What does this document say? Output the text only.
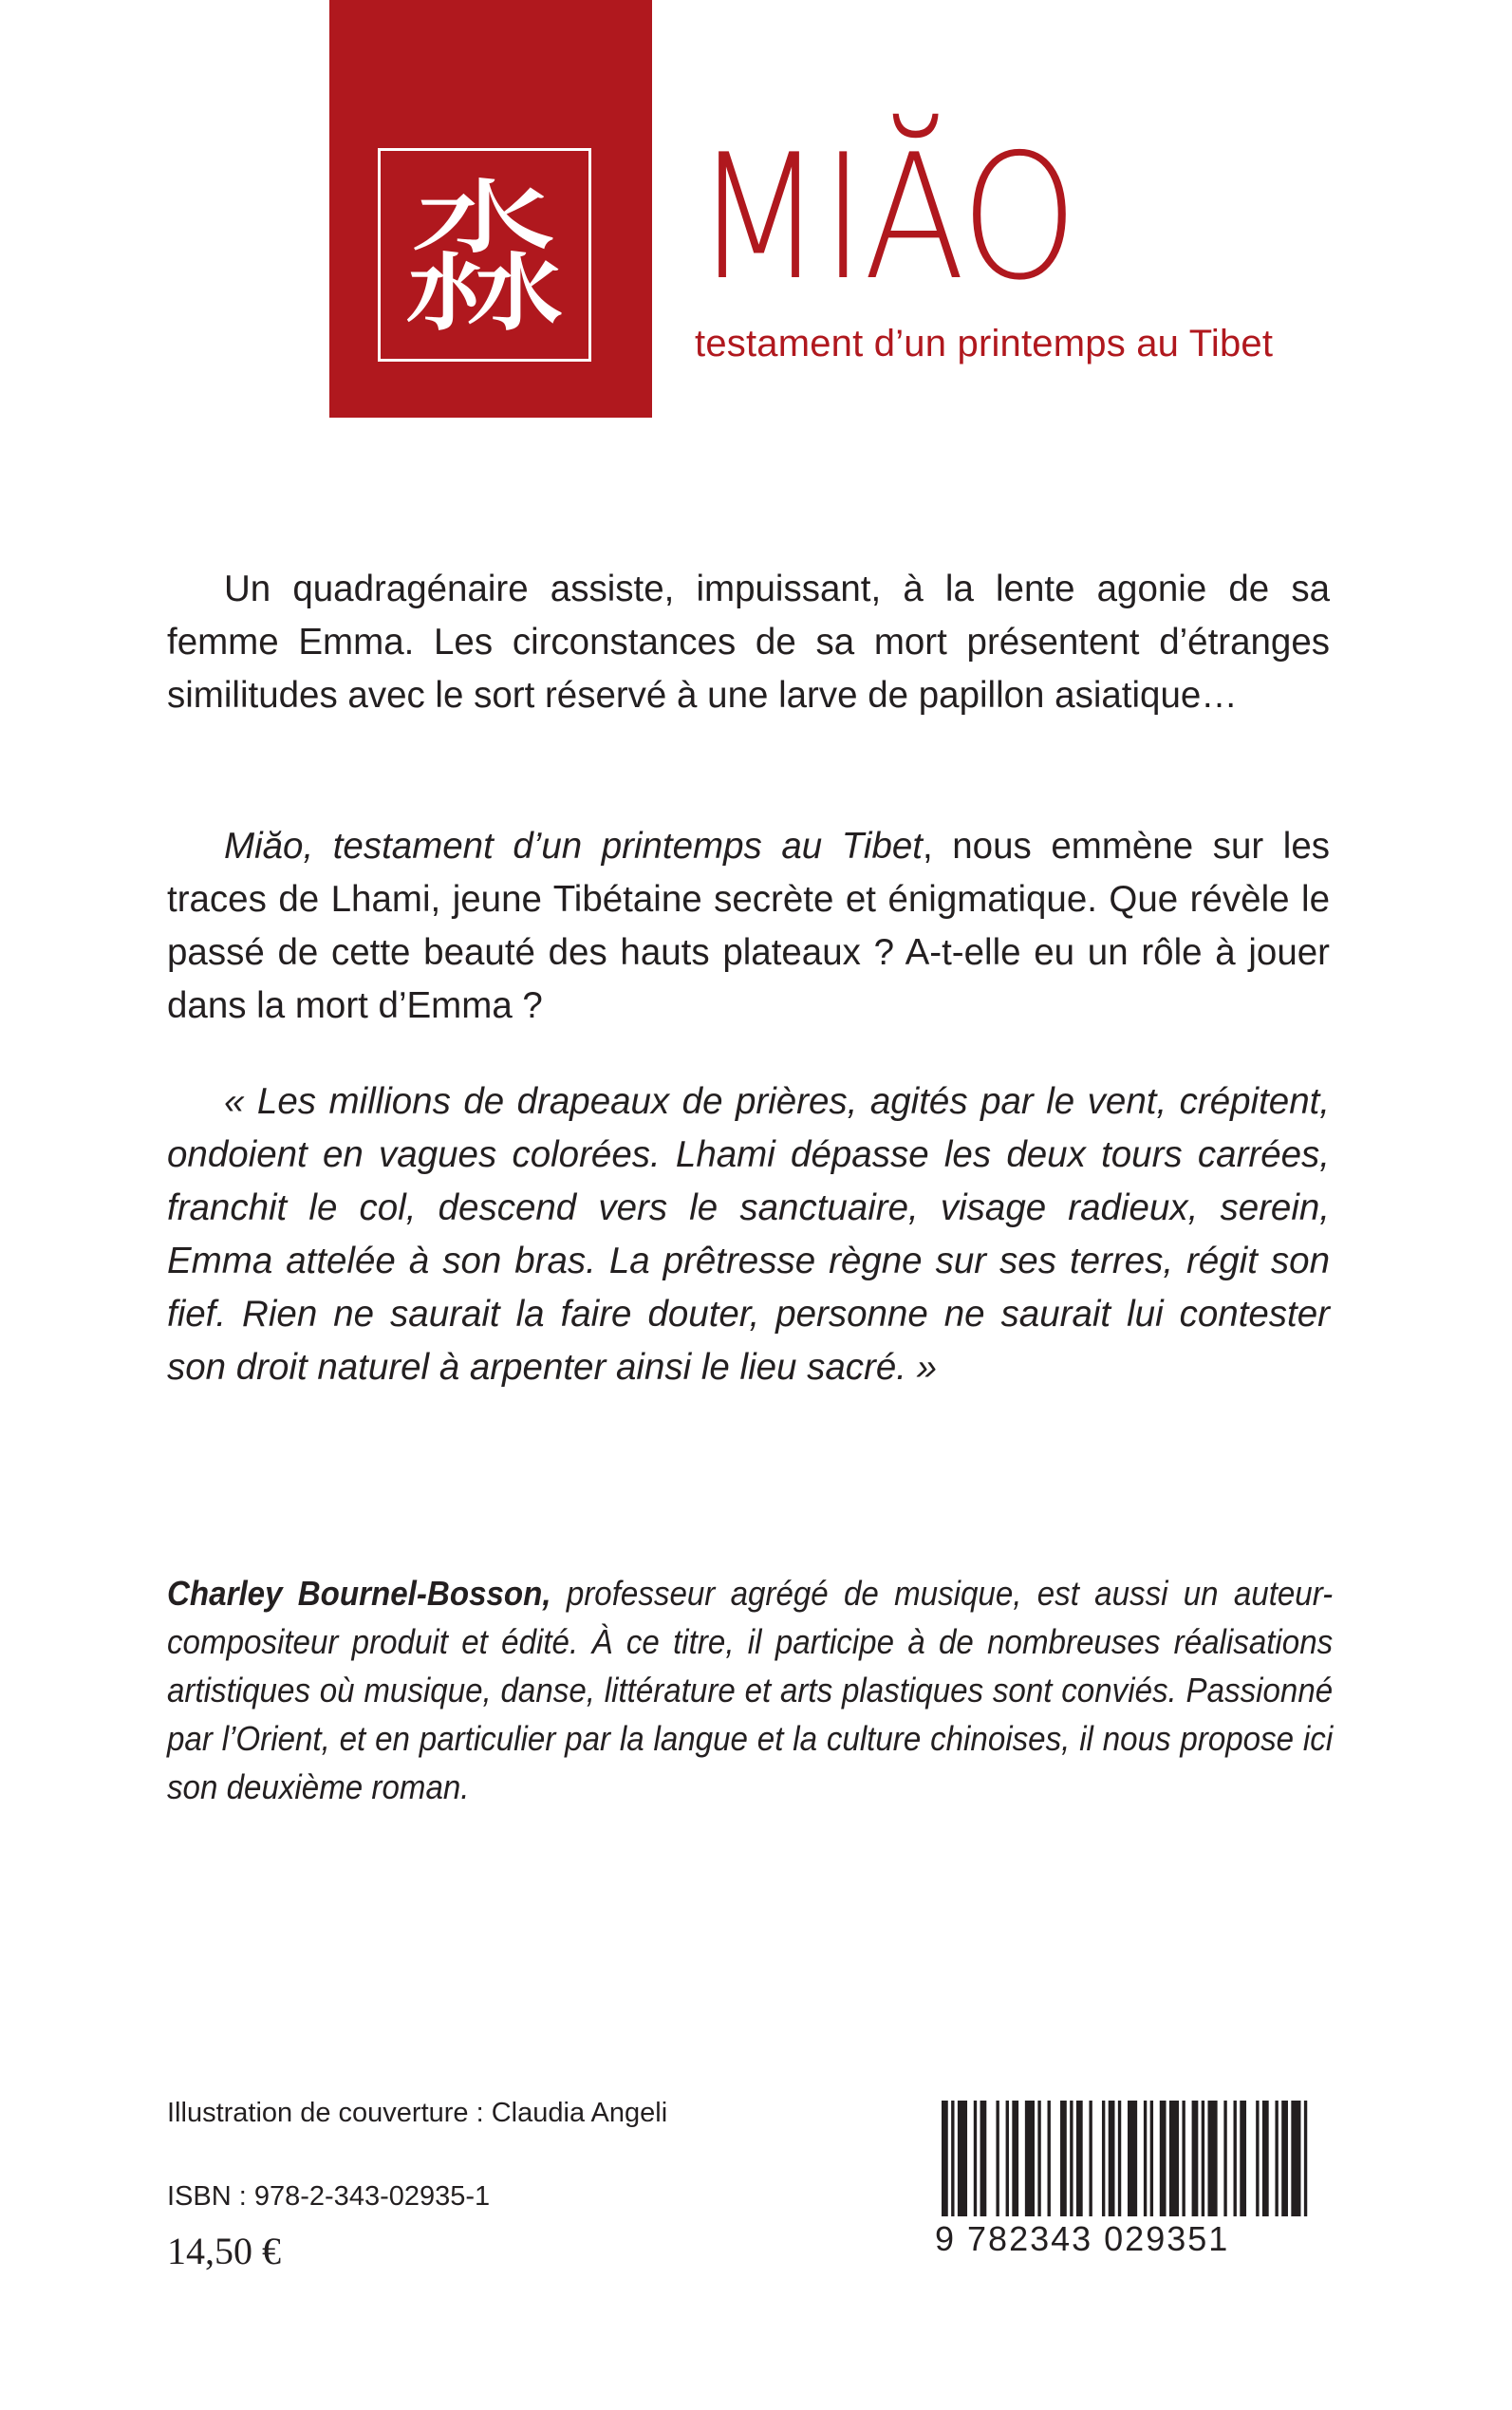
淼 MIĂO
testament d’un printemps au Tibet

Un quadragénaire assiste, impuissant, à la lente agonie de sa femme Emma. Les circonstances de sa mort présentent d’étranges similitudes avec le sort réservé à une larve de papillon asiatique…

Miăo, testament d’un printemps au Tibet, nous emmène sur les traces de Lhami, jeune Tibétaine secrète et énigmatique. Que révèle le passé de cette beauté des hauts plateaux ? A-t-elle eu un rôle à jouer dans la mort d’Emma ?

« Les millions de drapeaux de prières, agités par le vent, crépitent, ondoient en vagues colorées. Lhami dépasse les deux tours carrées, franchit le col, descend vers le sanctuaire, visage radieux, serein, Emma attelée à son bras. La prêtresse règne sur ses terres, régit son fief. Rien ne saurait la faire douter, personne ne saurait lui contester son droit naturel à arpenter ainsi le lieu sacré. »

Charley Bournel-Bosson, professeur agrégé de musique, est aussi un auteur-compositeur produit et édité. À ce titre, il participe à de nombreuses réalisations artistiques où musique, danse, littérature et arts plastiques sont conviés. Passionné par l’Orient, et en particulier par la langue et la culture chinoises, il nous propose ici son deuxième roman.
Illustration de couverture : Claudia Angeli
ISBN : 978-2-343-02935-1
14,50 €	9 782343 029351
